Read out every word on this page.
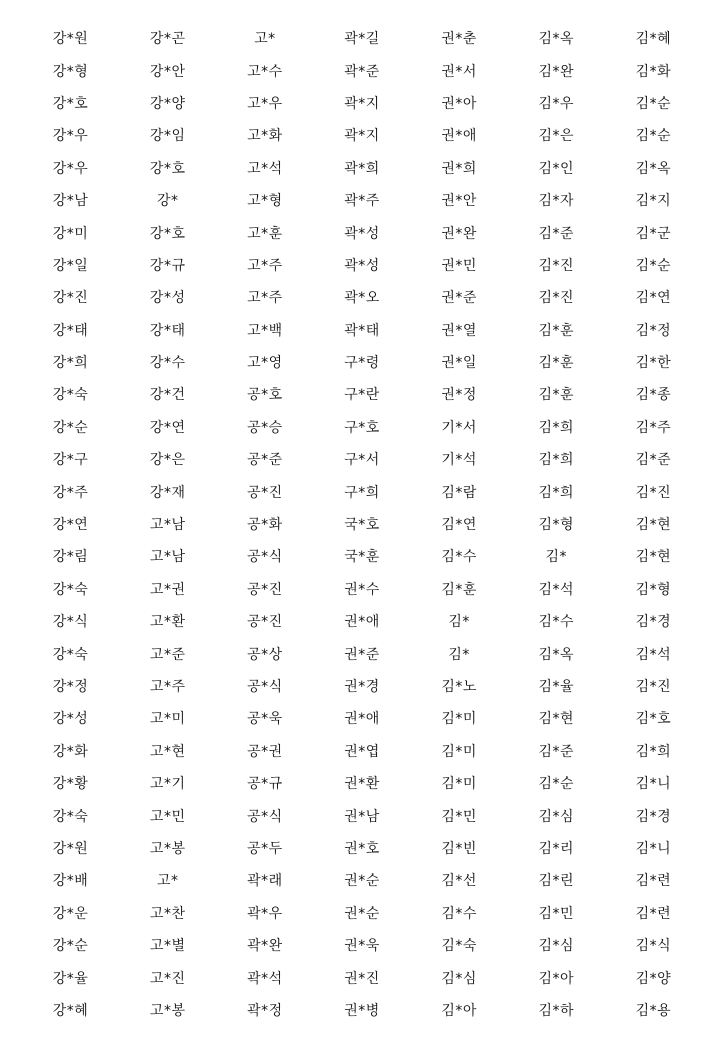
강*원	강*곤	고*	곽*길	권*춘	김*옥	김*혜
강*형	강*안	고*수	곽*준	권*서	김*완	김*화
강*호	강*양	고*우	곽*지	권*아	김*우	김*순
강*우	강*임	고*화	곽*지	권*애	김*은	김*순
강*우	강*호	고*석	곽*희	권*희	김*인	김*옥
강*남	강*	고*형	곽*주	권*안	김*자	김*지
강*미	강*호	고*훈	곽*성	권*완	김*준	김*군
강*일	강*규	고*주	곽*성	권*민	김*진	김*순
강*진	강*성	고*주	곽*오	권*준	김*진	김*연
강*태	강*태	고*백	곽*태	권*열	김*훈	김*정
강*희	강*수	고*영	구*령	권*일	김*훈	김*한
강*숙	강*건	공*호	구*란	권*정	김*훈	김*종
강*순	강*연	공*승	구*호	기*서	김*희	김*주
강*구	강*은	공*준	구*서	기*석	김*희	김*준
강*주	강*재	공*진	구*희	김*람	김*희	김*진
강*연	고*남	공*화	국*호	김*연	김*형	김*현
강*림	고*남	공*식	국*훈	김*수	김*	김*현
강*숙	고*권	공*진	권*수	김*훈	김*석	김*형
강*식	고*환	공*진	권*애	김*	김*수	김*경
강*숙	고*준	공*상	권*준	김*	김*옥	김*석
강*정	고*주	공*식	권*경	김*노	김*율	김*진
강*성	고*미	공*욱	권*애	김*미	김*현	김*호
강*화	고*현	공*권	권*엽	김*미	김*준	김*희
강*황	고*기	공*규	권*환	김*미	김*순	김*니
강*숙	고*민	공*식	권*남	김*민	김*심	김*경
강*원	고*봉	공*두	권*호	김*빈	김*리	김*니
강*배	고*	곽*래	권*순	김*선	김*린	김*련
강*운	고*찬	곽*우	권*순	김*수	김*민	김*련
강*순	고*별	곽*완	권*욱	김*숙	김*심	김*식
강*율	고*진	곽*석	권*진	김*심	김*아	김*양
강*혜	고*봉	곽*정	권*병	김*아	김*하	김*용
